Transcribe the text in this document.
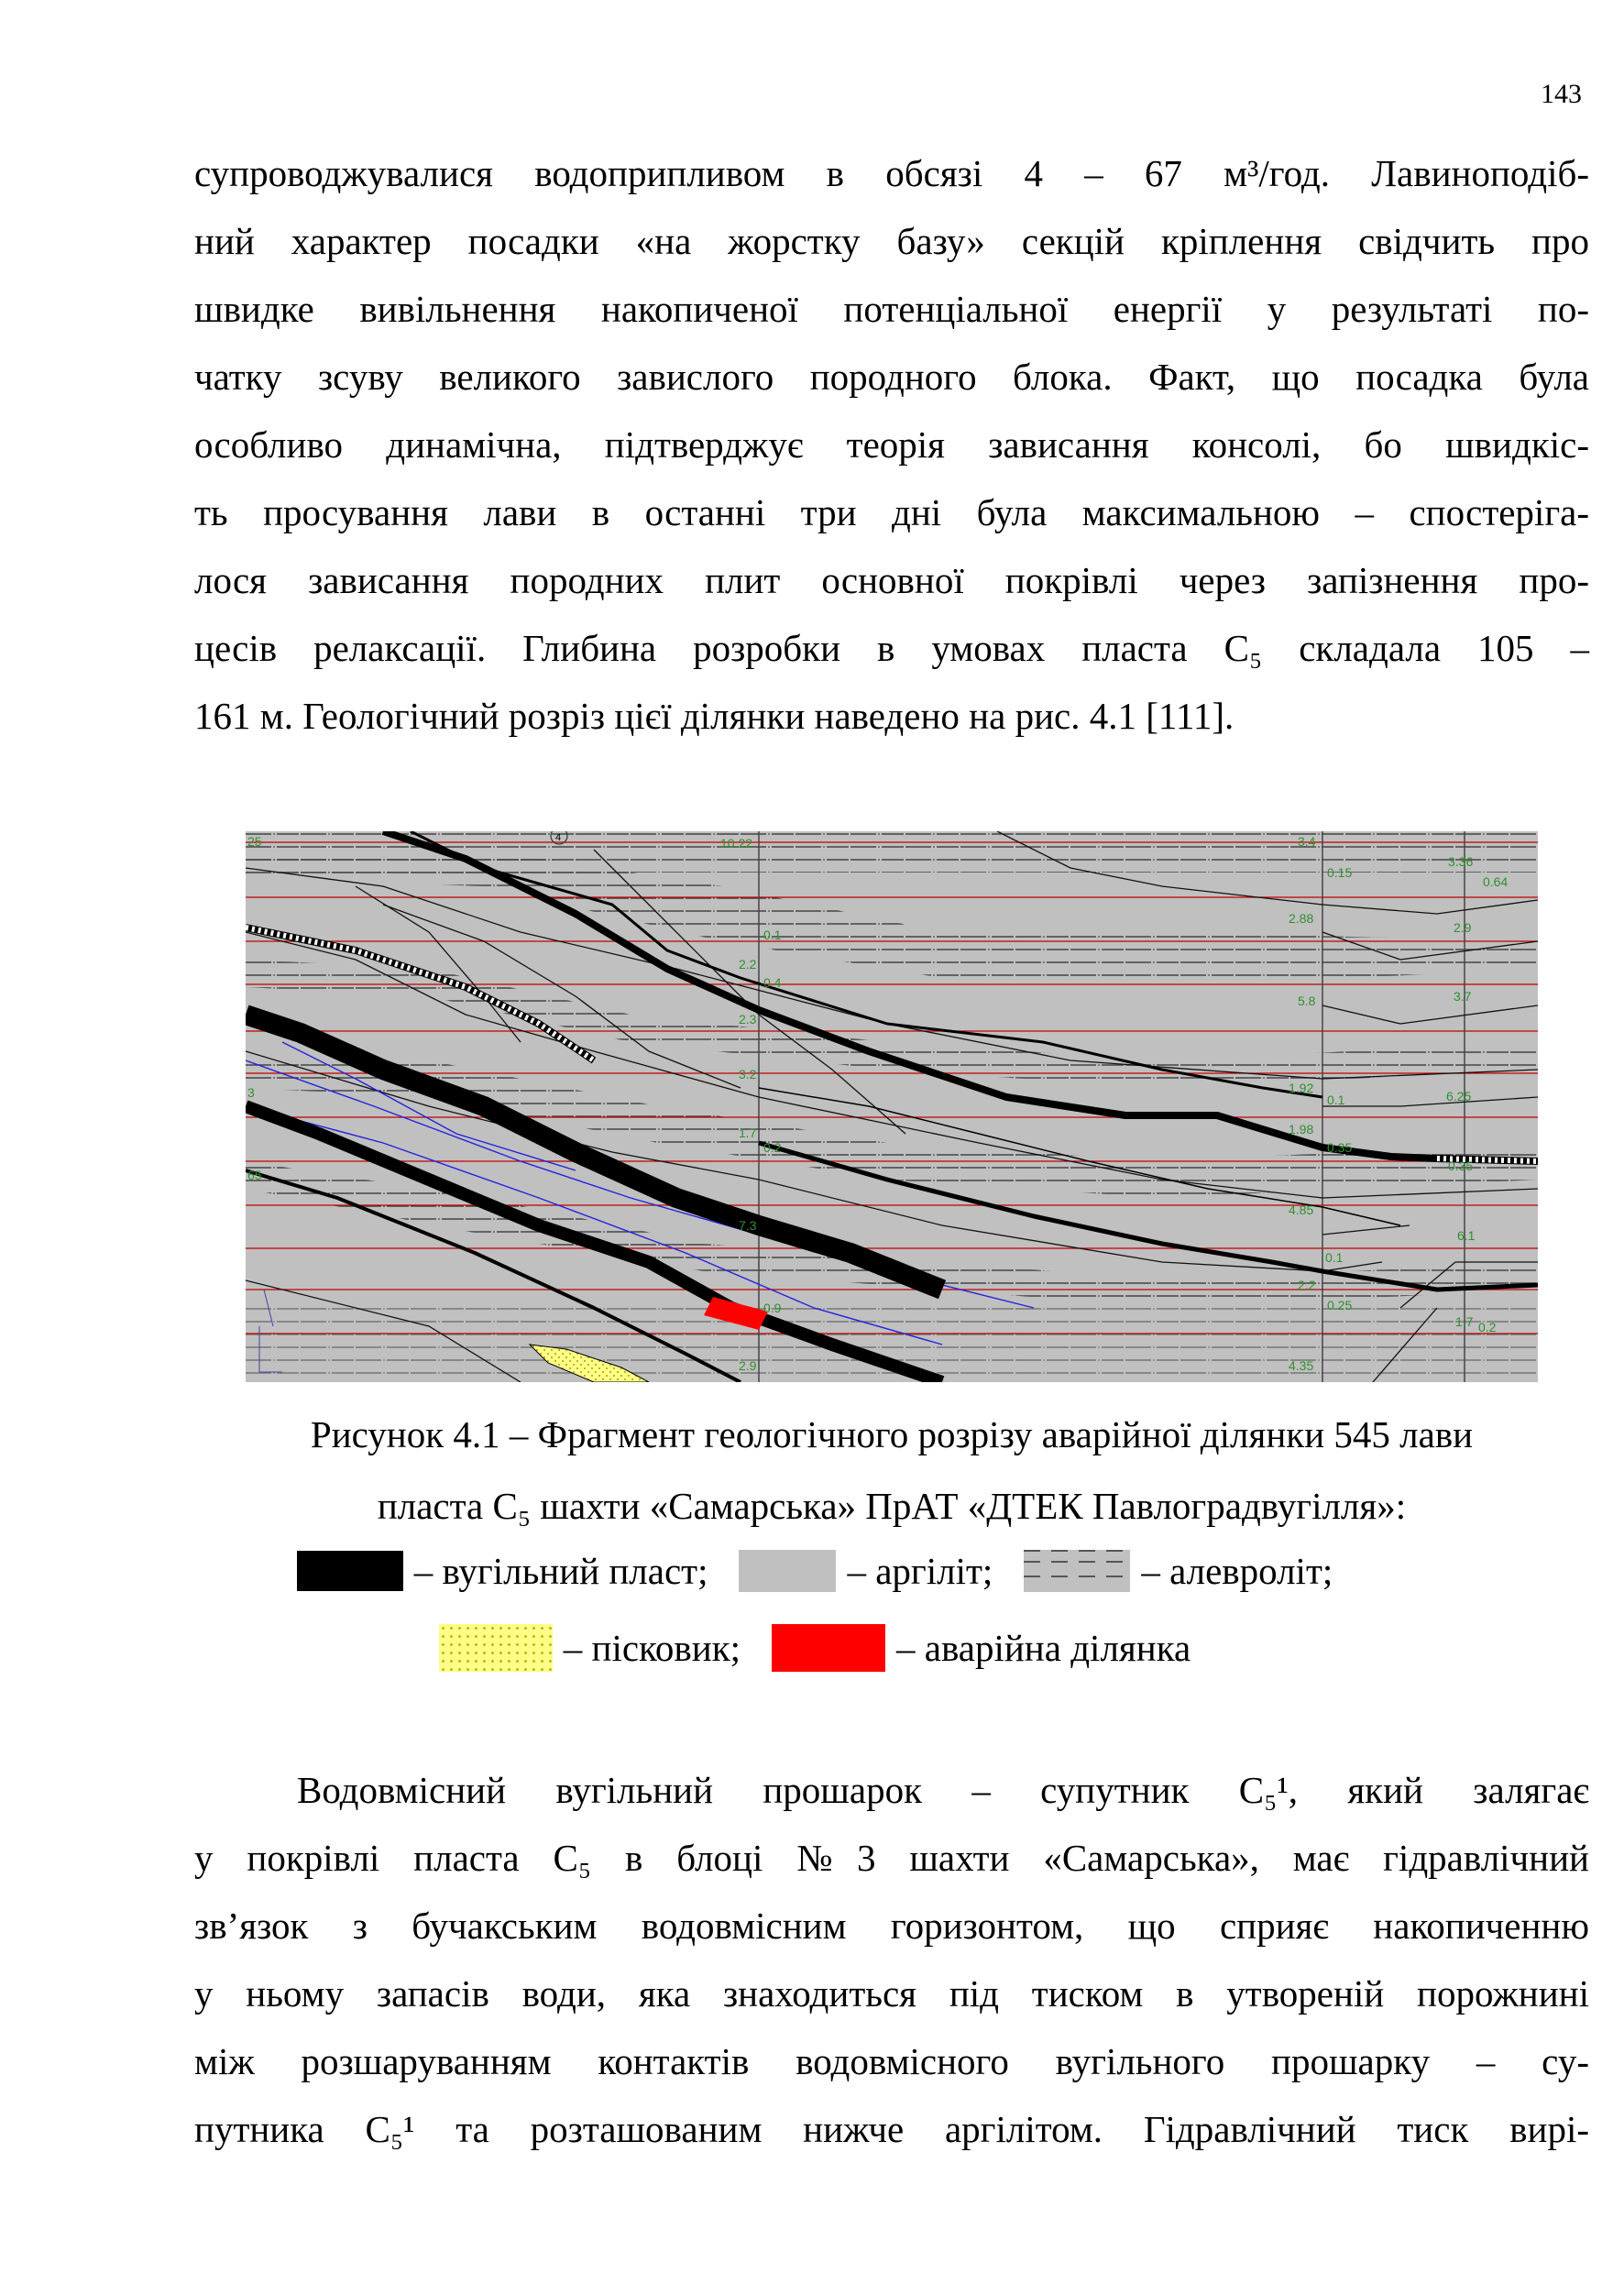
143
супроводжувалися водоприпливом в обсязі 4 – 67 м³/год. Лавиноподіб-
ний характер посадки «на жорстку базу» секцій кріплення свідчить про
швидке вивільнення накопиченої потенціальної енергії у результаті по-
чатку зсуву великого завислого породного блока. Факт, що посадка була
особливо динамічна, підтверджує теорія зависання консолі, бо швидкіс-
ть просування лави в останні три дні була максимальною – спостеріга-
лося зависання породних плит основної покрівлі через запізнення про-
цесів релаксації. Глибина розробки в умовах пласта С₅ складала 105 –
161 м. Геологічний розріз цієї ділянки наведено на рис. 4.1 [111].
4
25
3
65
10.22
0.1
2.2
0.4
2.3
3.2
1.7
0.2
7.3
0.9
2.9
3.4
0.15
3.36
0.64
2.88
2.9
5.8	3.7
1.92
0.1	6.25
1.98
0.35
0.35
4.85
6.1
0.1
2.2
0.25
1.7 0.2
4.35
Рисунок 4.1 – Фрагмент геологічного розрізу аварійної ділянки 545 лави
пласта С₅ шахти «Самарська» ПрАТ «ДТЕК Павлоградвугілля»:
– вугільний пласт;	– аргіліт;	– алевроліт;
– пісковик;	– аварійна ділянка
Водовмісний вугільний прошарок – супутник С₅¹, який залягає
у покрівлі пласта С₅ в блоці №3 шахти «Самарська», має гідравлічний
зв’язок з бучакським водовмісним горизонтом, що сприяє накопиченню
у ньому запасів води, яка знаходиться під тиском в утвореній порожнині
між розшаруванням контактів водовмісного вугільного прошарку – су-
путника С₅¹ та розташованим нижче аргілітом. Гідравлічний тиск вирі-
